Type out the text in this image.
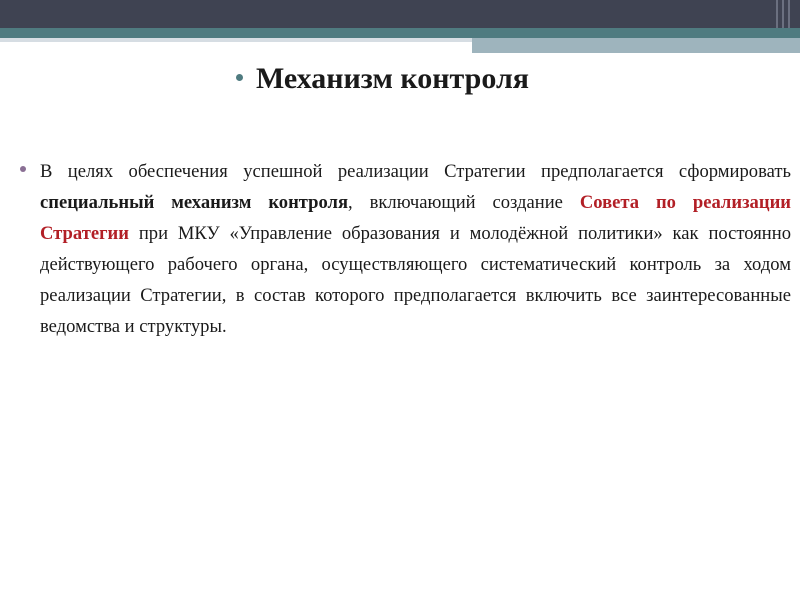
Механизм контроля
В целях обеспечения успешной реализации Стратегии предполагается сформировать специальный механизм контроля, включающий создание Совета по реализации Стратегии при МКУ «Управление образования и молодёжной политики» как постоянно действующего рабочего органа, осуществляющего систематический контроль за ходом реализации Стратегии, в состав которого предполагается включить все заинтересованные ведомства и структуры.
